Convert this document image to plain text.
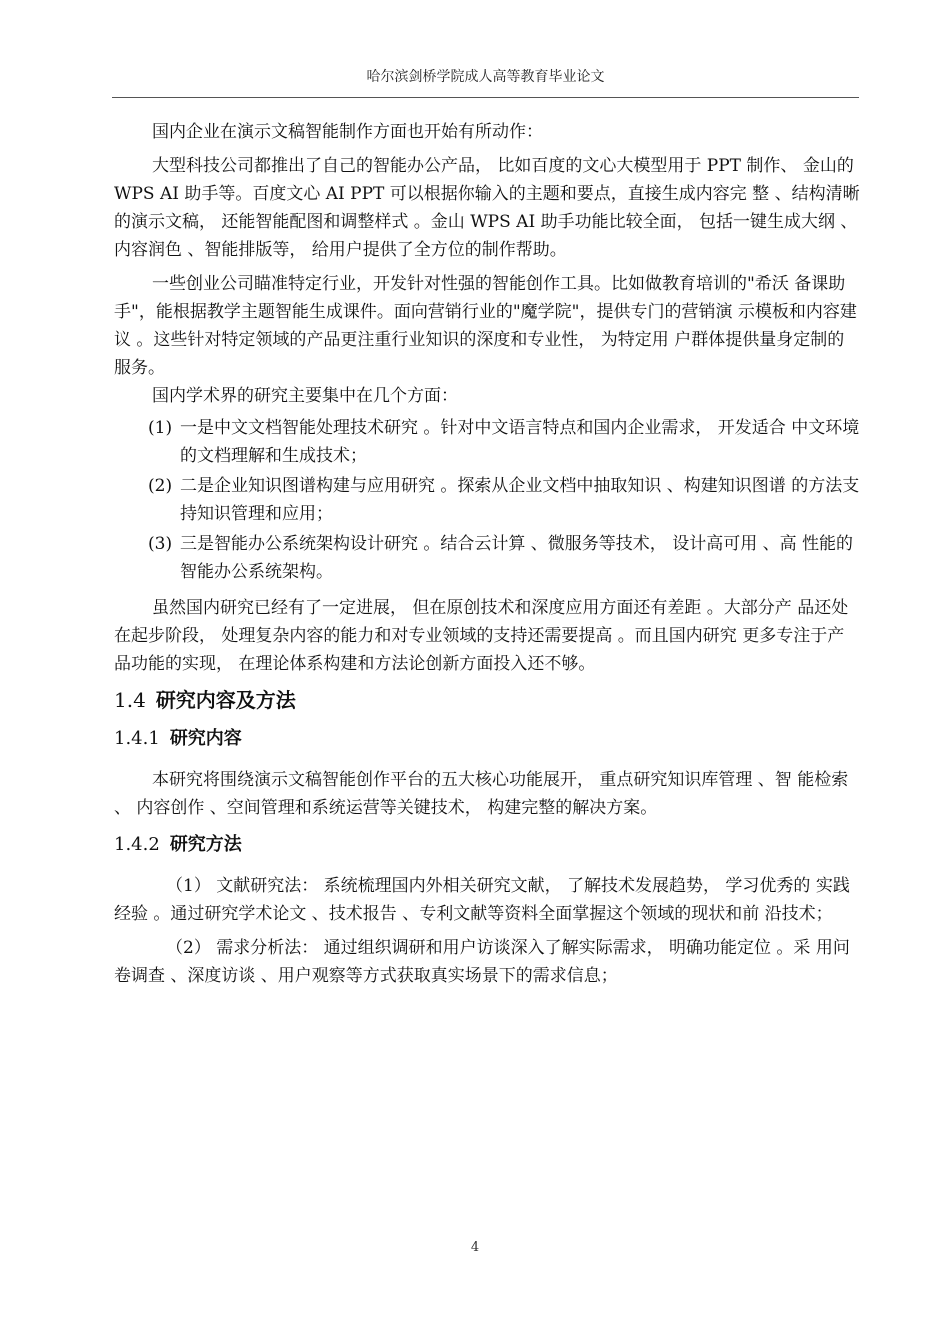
哈尔滨剑桥学院成人高等教育毕业论文

国内企业在演示文稿智能制作方面也开始有所动作：

大型科技公司都推出了自己的智能办公产品， 比如百度的文心大模型用于 PPT 制作、 金山的 WPS AI 助手等。百度文心 AI PPT 可以根据你输入的主题和要点，直接生成内容完 整 、结构清晰的演示文稿， 还能智能配图和调整样式 。金山 WPS AI 助手功能比较全面， 包括一键生成大纲 、 内容润色 、智能排版等， 给用户提供了全方位的制作帮助。

一些创业公司瞄准特定行业，开发针对性强的智能创作工具。比如做教育培训的"希沃 备课助手"，能根据教学主题智能生成课件。面向营销行业的"魔学院"，提供专门的营销演 示模板和内容建议 。这些针对特定领域的产品更注重行业知识的深度和专业性， 为特定用 户群体提供量身定制的服务。

国内学术界的研究主要集中在几个方面：

(1) 一是中文文档智能处理技术研究 。针对中文语言特点和国内企业需求， 开发适合 中文环境的文档理解和生成技术；
(2) 二是企业知识图谱构建与应用研究 。探索从企业文档中抽取知识 、构建知识图谱 的方法支持知识管理和应用；
(3) 三是智能办公系统架构设计研究 。结合云计算 、微服务等技术， 设计高可用 、高 性能的智能办公系统架构。

虽然国内研究已经有了一定进展， 但在原创技术和深度应用方面还有差距 。大部分产 品还处在起步阶段， 处理复杂内容的能力和对专业领域的支持还需要提高 。而且国内研究 更多专注于产品功能的实现， 在理论体系构建和方法论创新方面投入还不够。

1.4 研究内容及方法
1.4.1 研究内容

本研究将围绕演示文稿智能创作平台的五大核心功能展开， 重点研究知识库管理 、智 能检索 、 内容创作 、空间管理和系统运营等关键技术， 构建完整的解决方案。

1.4.2 研究方法

（1） 文献研究法： 系统梳理国内外相关研究文献， 了解技术发展趋势， 学习优秀的 实践经验 。通过研究学术论文 、技术报告 、专利文献等资料全面掌握这个领域的现状和前 沿技术；

（2） 需求分析法： 通过组织调研和用户访谈深入了解实际需求， 明确功能定位 。采 用问卷调查 、深度访谈 、用户观察等方式获取真实场景下的需求信息；

4
